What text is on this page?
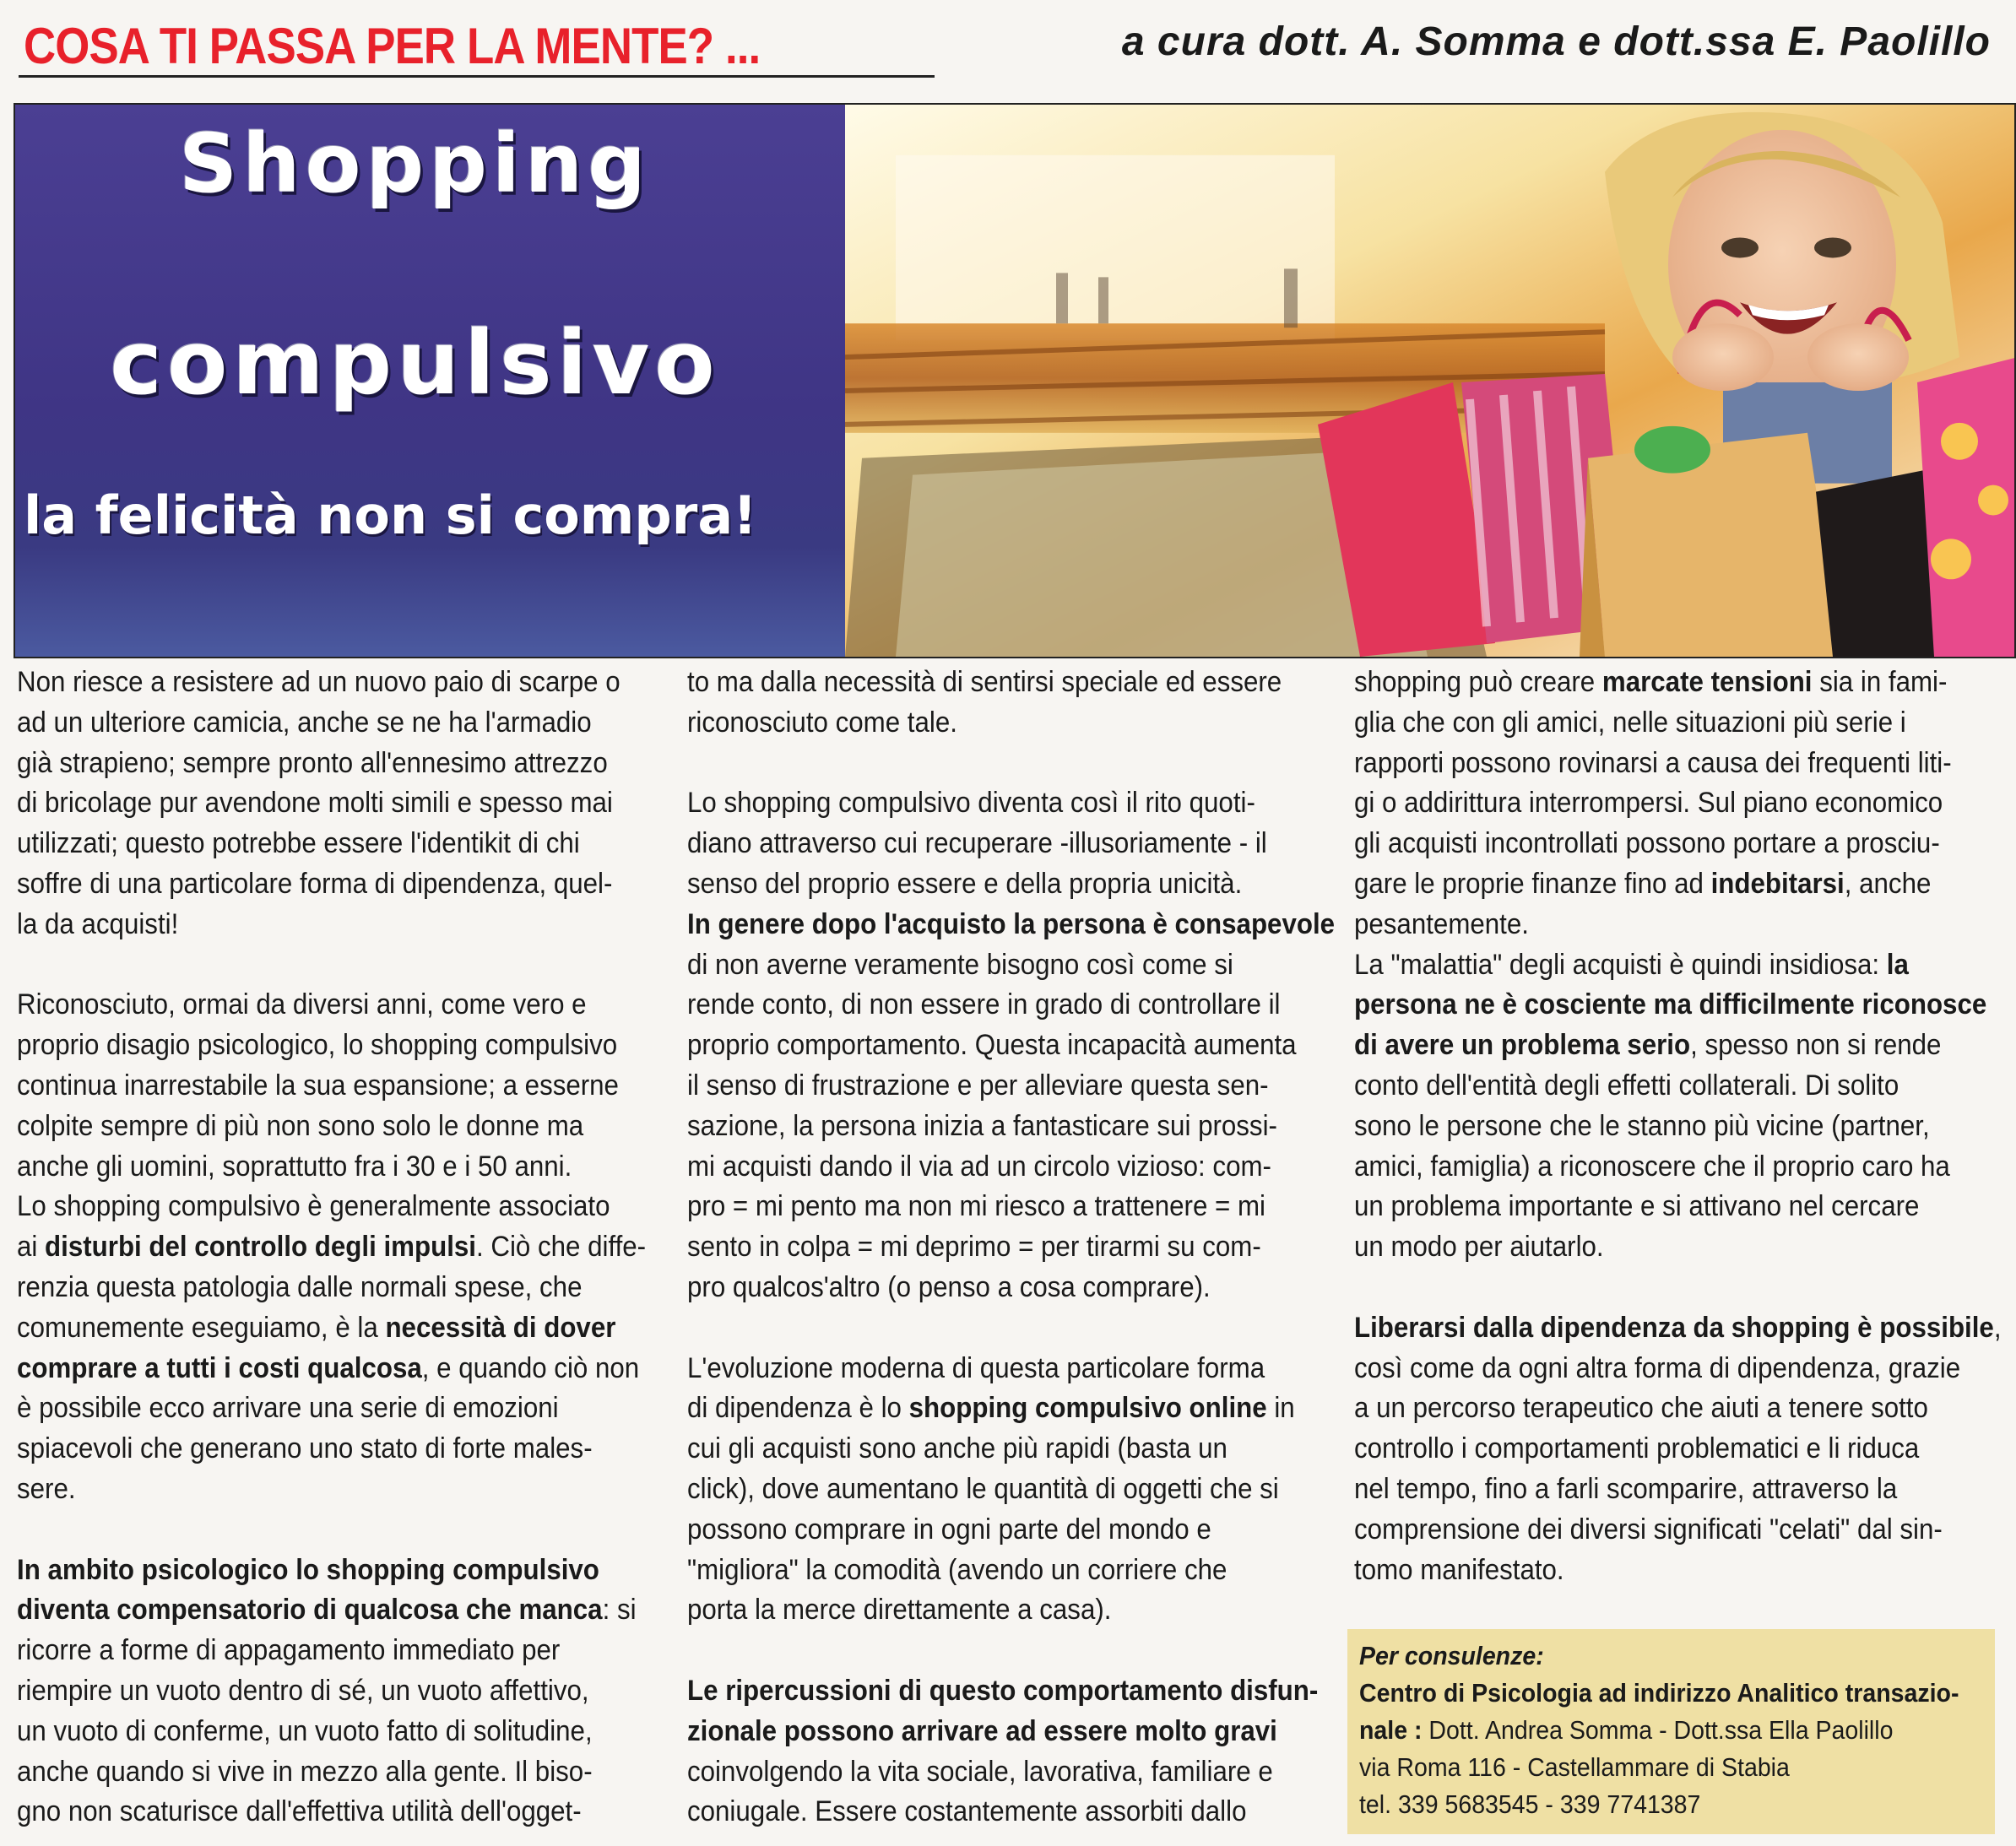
COSA TI PASSA PER LA MENTE? ...	a cura dott. A. Somma e dott.ssa E. Paolillo
Shopping
compulsivo
la felicità non si compra!
Non riesce a resistere ad un nuovo paio di scarpe o
ad un ulteriore camicia, anche se ne ha l'armadio
già strapieno; sempre pronto all'ennesimo attrezzo
di bricolage pur avendone molti simili e spesso mai
utilizzati; questo potrebbe essere l'identikit di chi
soffre di una particolare forma di dipendenza, quel-
la da acquisti!
Riconosciuto, ormai da diversi anni, come vero e
proprio disagio psicologico, lo shopping compulsivo
continua inarrestabile la sua espansione; a esserne
colpite sempre di più non sono solo le donne ma
anche gli uomini, soprattutto fra i 30 e i 50 anni.
Lo shopping compulsivo è generalmente associato
ai disturbi del controllo degli impulsi. Ciò che diffe-
renzia questa patologia dalle normali spese, che
comunemente eseguiamo, è la necessità di dover
comprare a tutti i costi qualcosa, e quando ciò non
è possibile ecco arrivare una serie di emozioni
spiacevoli che generano uno stato di forte males-
sere.
In ambito psicologico lo shopping compulsivo
diventa compensatorio di qualcosa che manca: si
ricorre a forme di appagamento immediato per
riempire un vuoto dentro di sé, un vuoto affettivo,
un vuoto di conferme, un vuoto fatto di solitudine,
anche quando si vive in mezzo alla gente. Il biso-
gno non scaturisce dall'effettiva utilità dell'ogget-
to ma dalla necessità di sentirsi speciale ed essere
riconosciuto come tale.
Lo shopping compulsivo diventa così il rito quoti-
diano attraverso cui recuperare -illusoriamente - il
senso del proprio essere e della propria unicità.
In genere dopo l'acquisto la persona è consapevole
di non averne veramente bisogno così come si
rende conto, di non essere in grado di controllare il
proprio comportamento. Questa incapacità aumenta
il senso di frustrazione e per alleviare questa sen-
sazione, la persona inizia a fantasticare sui prossi-
mi acquisti dando il via ad un circolo vizioso: com-
pro = mi pento ma non mi riesco a trattenere = mi
sento in colpa = mi deprimo = per tirarmi su com-
pro qualcos'altro (o penso a cosa comprare).
L'evoluzione moderna di questa particolare forma
di dipendenza è lo shopping compulsivo online in
cui gli acquisti sono anche più rapidi (basta un
click), dove aumentano le quantità di oggetti che si
possono comprare in ogni parte del mondo e
"migliora" la comodità (avendo un corriere che
porta la merce direttamente a casa).
Le ripercussioni di questo comportamento disfun-
zionale possono arrivare ad essere molto gravi
coinvolgendo la vita sociale, lavorativa, familiare e
coniugale. Essere costantemente assorbiti dallo
shopping può creare marcate tensioni sia in fami-
glia che con gli amici, nelle situazioni più serie i
rapporti possono rovinarsi a causa dei frequenti liti-
gi o addirittura interrompersi. Sul piano economico
gli acquisti incontrollati possono portare a prosciu-
gare le proprie finanze fino ad indebitarsi, anche
pesantemente.
La "malattia" degli acquisti è quindi insidiosa: la
persona ne è cosciente ma difficilmente riconosce
di avere un problema serio, spesso non si rende
conto dell'entità degli effetti collaterali. Di solito
sono le persone che le stanno più vicine (partner,
amici, famiglia) a riconoscere che il proprio caro ha
un problema importante e si attivano nel cercare
un modo per aiutarlo.
Liberarsi dalla dipendenza da shopping è possibile,
così come da ogni altra forma di dipendenza, grazie
a un percorso terapeutico che aiuti a tenere sotto
controllo i comportamenti problematici e li riduca
nel tempo, fino a farli scomparire, attraverso la
comprensione dei diversi significati "celati" dal sin-
tomo manifestato.
Per consulenze:
Centro di Psicologia ad indirizzo Analitico transazio-
nale : Dott. Andrea Somma - Dott.ssa Ella Paolillo
via Roma 116 - Castellammare di Stabia
tel. 339 5683545 - 339 7741387
